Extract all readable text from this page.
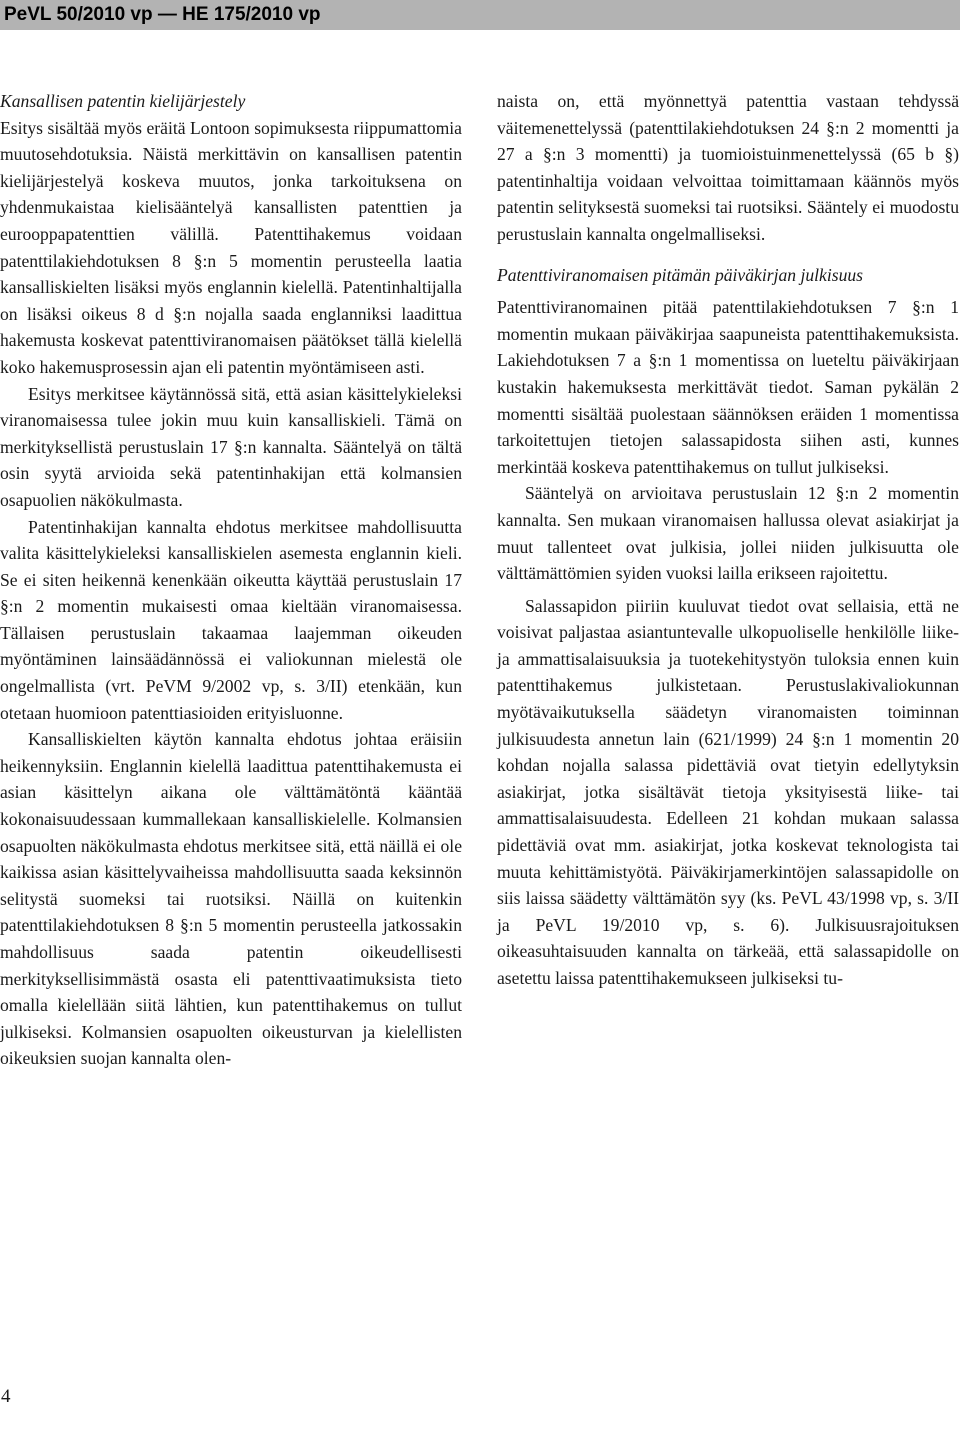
PeVL 50/2010 vp — HE 175/2010 vp

Kansallisen patentin kielijärjestely

Esitys sisältää myös eräitä Lontoon sopimuksesta riippumattomia muutosehdotuksia. Näistä merkittävin on kansallisen patentin kielijärjestelyä koskeva muutos, jonka tarkoituksena on yhdenmukaistaa kielisääntelyä kansallisten patenttien ja eurooppapatenttien välillä. Patenttihakemus voidaan patenttilakiehdotuksen 8 §:n 5 momentin perusteella laatia kansalliskielten lisäksi myös englannin kielellä. Patentinhaltijalla on lisäksi oikeus 8 d §:n nojalla saada englanniksi laadittua hakemusta koskevat patenttiviranomaisen päätökset tällä kielellä koko hakemusprosessin ajan eli patentin myöntämiseen asti.

Esitys merkitsee käytännössä sitä, että asian käsittelykieleksi viranomaisessa tulee jokin muu kuin kansalliskieli. Tämä on merkityksellistä perustuslain 17 §:n kannalta. Sääntelyä on tältä osin syytä arvioida sekä patentinhakijan että kolmansien osapuolien näkökulmasta.

Patentinhakijan kannalta ehdotus merkitsee mahdollisuutta valita käsittelykieleksi kansalliskielen asemesta englannin kieli. Se ei siten heikennä kenenkään oikeutta käyttää perustuslain 17 §:n 2 momentin mukaisesti omaa kieltään viranomaisessa. Tällaisen perustuslain takaamaa laajemman oikeuden myöntäminen lainsäädännössä ei valiokunnan mielestä ole ongelmallista (vrt. PeVM 9/2002 vp, s. 3/II) etenkään, kun otetaan huomioon patenttiasioiden erityisluonne.

Kansalliskielten käytön kannalta ehdotus johtaa eräisiin heikennyksiin. Englannin kielellä laadittua patenttihakemusta ei asian käsittelyn aikana ole välttämätöntä kääntää kokonaisuudessaan kummallekaan kansalliskielelle. Kolmansien osapuolten näkökulmasta ehdotus merkitsee sitä, että näillä ei ole kaikissa asian käsittelyvaiheissa mahdollisuutta saada keksinnön selitystä suomeksi tai ruotsiksi. Näillä on kuitenkin patenttilakiehdotuksen 8 §:n 5 momentin perusteella jatkossakin mahdollisuus saada patentin oikeudellisesti merkityksellisimmästä osasta eli patenttivaatimuksista tieto omalla kielellään siitä lähtien, kun patenttihakemus on tullut julkiseksi. Kolmansien osapuolten oikeusturvan ja kielellisten oikeuksien suojan kannalta olen-

naista on, että myönnettyä patenttia vastaan tehdyssä väitemenettelyssä (patenttilakiehdotuksen 24 §:n 2 momentti ja 27 a §:n 3 momentti) ja tuomioistuinmenettelyssä (65 b §) patentinhaltija voidaan velvoittaa toimittamaan käännös myös patentin selityksestä suomeksi tai ruotsiksi. Sääntely ei muodostu perustuslain kannalta ongelmalliseksi.

Patenttiviranomaisen pitämän päiväkirjan julkisuus

Patenttiviranomainen pitää patenttilakiehdotuksen 7 §:n 1 momentin mukaan päiväkirjaa saapuneista patenttihakemuksista. Lakiehdotuksen 7 a §:n 1 momentissa on lueteltu päiväkirjaan kustakin hakemuksesta merkittävät tiedot. Saman pykälän 2 momentti sisältää puolestaan säännöksen eräiden 1 momentissa tarkoitettujen tietojen salassapidosta siihen asti, kunnes merkintää koskeva patenttihakemus on tullut julkiseksi.

Sääntelyä on arvioitava perustuslain 12 §:n 2 momentin kannalta. Sen mukaan viranomaisen hallussa olevat asiakirjat ja muut tallenteet ovat julkisia, jollei niiden julkisuutta ole välttämättömien syiden vuoksi lailla erikseen rajoitettu.

Salassapidon piiriin kuuluvat tiedot ovat sellaisia, että ne voisivat paljastaa asiantuntevalle ulkopuoliselle henkilölle liike- ja ammattisalaisuuksia ja tuotekehitystyön tuloksia ennen kuin patenttihakemus julkistetaan. Perustuslakivaliokunnan myötävaikutuksella säädetyn viranomaisten toiminnan julkisuudesta annetun lain (621/1999) 24 §:n 1 momentin 20 kohdan nojalla salassa pidettäviä ovat tietyin edellytyksin asiakirjat, jotka sisältävät tietoja yksityisestä liike- tai ammattisalaisuudesta. Edelleen 21 kohdan mukaan salassa pidettäviä ovat mm. asiakirjat, jotka koskevat teknologista tai muuta kehittämistyötä. Päiväkirjamerkintöjen salassapidolle on siis laissa säädetty välttämätön syy (ks. PeVL 43/1998 vp, s. 3/II ja PeVL 19/2010 vp, s. 6). Julkisuusrajoituksen oikeasuhtaisuuden kannalta on tärkeää, että salassapidolle on asetettu laissa patenttihakemukseen julkiseksi tu-

4
